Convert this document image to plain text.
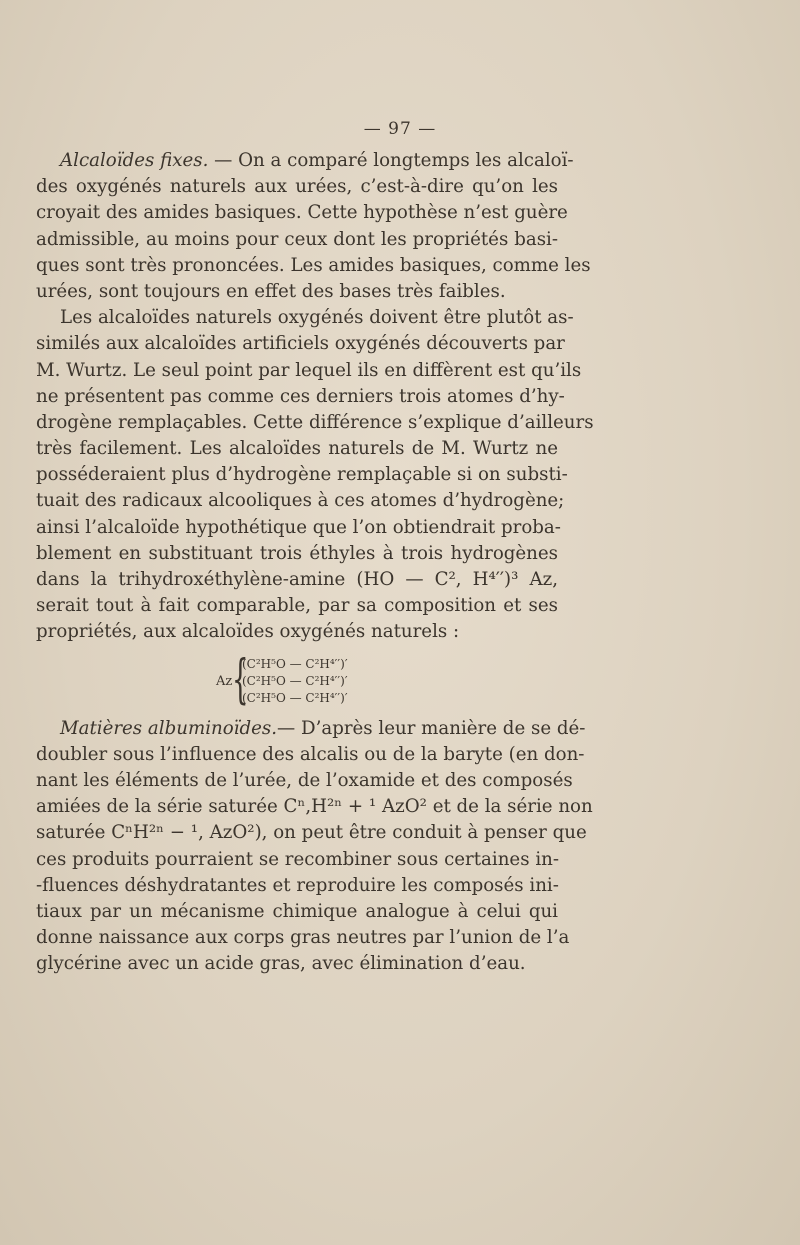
— 97 —
Alcaloïdes fixes. — On a comparé longtemps les alcaloï-
des oxygénés naturels aux urées, c’est-à-dire qu’on les
croyait des amides basiques. Cette hypothèse n’est guère
admissible, au moins pour ceux dont les propriétés basi-
ques sont très prononcées. Les amides basiques, comme les
urées, sont toujours en effet des bases très faibles.
Les alcaloïdes naturels oxygénés doivent être plutôt as-
similés aux alcaloïdes artificiels oxygénés découverts par
M. Wurtz. Le seul point par lequel ils en diffèrent est qu’ils
ne présentent pas comme ces derniers trois atomes d’hy-
drogène remplaçables. Cette différence s’explique d’ailleurs
très facilement. Les alcaloïdes naturels de M. Wurtz ne
posséderaient plus d’hydrogène remplaçable si on substi-
tuait des radicaux alcooliques à ces atomes d’hydrogène;
ainsi l’alcaloïde hypothétique que l’on obtiendrait proba-
blement en substituant trois éthyles à trois hydrogènes
dans la trihydroxéthylène-amine (HO — C², H⁴′′)³ Az,
serait tout à fait comparable, par sa composition et ses
propriétés, aux alcaloïdes oxygénés naturels :
Az {
(C²H⁵O — C²H⁴′′)′
(C²H⁵O — C²H⁴′′)′
(C²H⁵O — C²H⁴′′)′
Matières albuminoïdes.— D’après leur manière de se dé-
doubler sous l’influence des alcalis ou de la baryte (en don-
nant les éléments de l’urée, de l’oxamide et des composés
amiées de la série saturée Cⁿ,H²ⁿ + ¹ AzO² et de la série non
saturée CⁿH²ⁿ − ¹, AzO²), on peut être conduit à penser que
ces produits pourraient se recombiner sous certaines in-
-fluences déshydratantes et reproduire les composés ini-
tiaux par un mécanisme chimique analogue à celui qui
donne naissance aux corps gras neutres par l’union de l’a
glycérine avec un acide gras, avec élimination d’eau.
